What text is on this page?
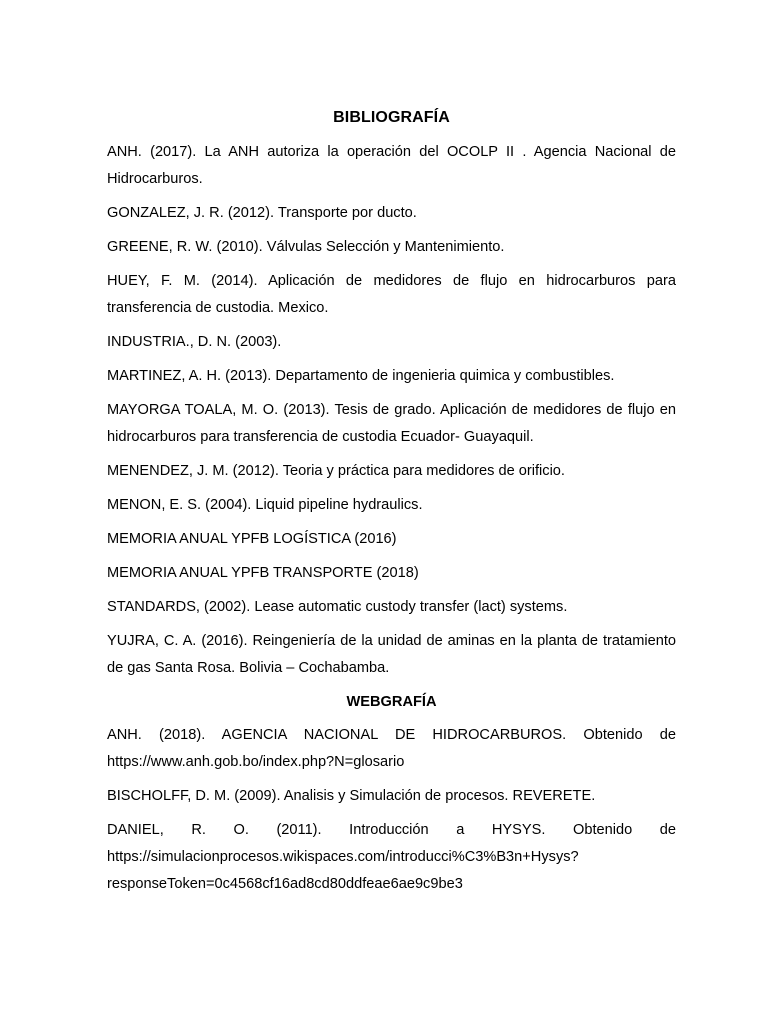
BIBLIOGRAFÍA

ANH. (2017). La ANH autoriza la operación del OCOLP II . Agencia Nacional de Hidrocarburos.

GONZALEZ, J. R. (2012). Transporte por ducto.

GREENE, R. W. (2010). Válvulas Selección y Mantenimiento.

HUEY, F. M. (2014). Aplicación de medidores de flujo en hidrocarburos para transferencia de custodia. Mexico.

INDUSTRIA., D. N. (2003).

MARTINEZ, A. H. (2013). Departamento de ingenieria quimica y combustibles.

MAYORGA TOALA, M. O. (2013). Tesis de grado. Aplicación de medidores de flujo en hidrocarburos para transferencia de custodia Ecuador- Guayaquil.

MENENDEZ, J. M. (2012). Teoria y práctica para medidores de orificio.

MENON, E. S. (2004). Liquid pipeline hydraulics.

MEMORIA ANUAL YPFB LOGÍSTICA (2016)

MEMORIA ANUAL YPFB TRANSPORTE (2018)

STANDARDS, (2002). Lease automatic custody transfer (lact) systems.

YUJRA, C. A. (2016). Reingeniería de la unidad de aminas en la planta de tratamiento de gas Santa Rosa. Bolivia – Cochabamba.

WEBGRAFÍA
ANH. (2018). AGENCIA NACIONAL DE HIDROCARBUROS. Obtenido de
https://www.anh.gob.bo/index.php?N=glosario

BISCHOLFF, D. M. (2009). Analisis y Simulación de procesos. REVERETE.

DANIEL, R. O. (2011). Introducción a HYSYS. Obtenido de
https://simulacionprocesos.wikispaces.com/introducci%C3%B3n+Hysys?
responseToken=0c4568cf16ad8cd80ddfeae6ae9c9be3
